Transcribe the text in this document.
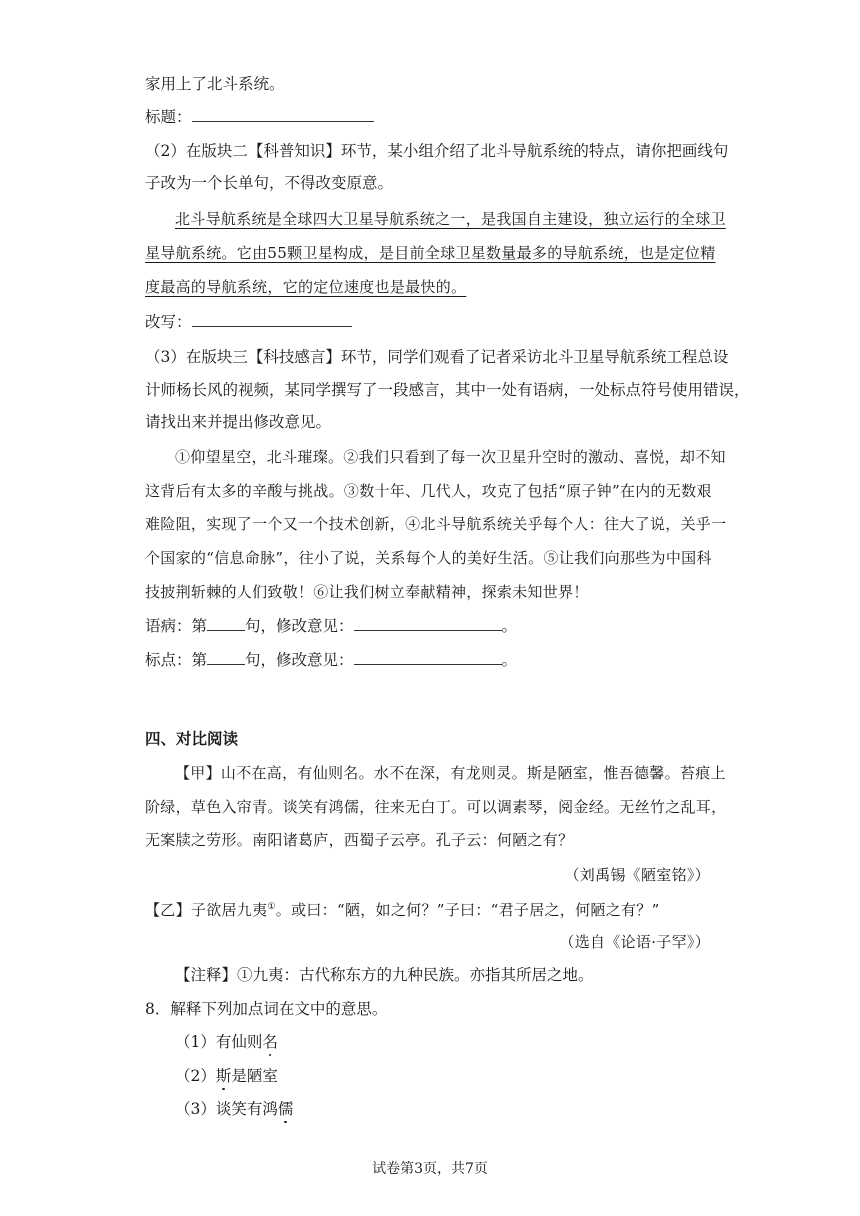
家用上了北斗系统。
标题：
（2）在版块二【科普知识】环节，某小组介绍了北斗导航系统的特点，请你把画线句
子改为一个长单句，不得改变原意。
北斗导航系统是全球四大卫星导航系统之一，是我国自主建设，独立运行的全球卫
星导航系统。它由55颗卫星构成，是目前全球卫星数量最多的导航系统，也是定位精
度最高的导航系统，它的定位速度也是最快的。
改写：
（3）在版块三【科技感言】环节，同学们观看了记者采访北斗卫星导航系统工程总设
计师杨长风的视频，某同学撰写了一段感言，其中一处有语病，一处标点符号使用错误，
请找出来并提出修改意见。
①仰望星空，北斗璀璨。②我们只看到了每一次卫星升空时的激动、喜悦，却不知
这背后有太多的辛酸与挑战。③数十年、几代人，攻克了包括“原子钟”在内的无数艰
难险阻，实现了一个又一个技术创新，④北斗导航系统关乎每个人：往大了说，关乎一
个国家的“信息命脉”，往小了说，关系每个人的美好生活。⑤让我们向那些为中国科
技披荆斩棘的人们致敬！⑥让我们树立奉献精神，探索未知世界！
语病：第 句，修改意见：	。
标点：第 句，修改意见：	。
四、对比阅读
【甲】山不在高，有仙则名。水不在深，有龙则灵。斯是陋室，惟吾德馨。苔痕上
阶绿，草色入帘青。谈笑有鸿儒，往来无白丁。可以调素琴，阅金经。无丝竹之乱耳，
无案牍之劳形。南阳诸葛庐，西蜀子云亭。孔子云：何陋之有？
（刘禹锡《陋室铭》）
【乙】子欲居九夷①。或曰：“陋，如之何？”子曰：“君子居之，何陋之有？”
（选自《论语·子罕》）
【注释】①九夷：古代称东方的九种民族。亦指其所居之地。
8．解释下列加点词在文中的意思。
（1）有仙则名
（2）斯是陋室
（3）谈笑有鸿儒
试卷第3页，共7页
